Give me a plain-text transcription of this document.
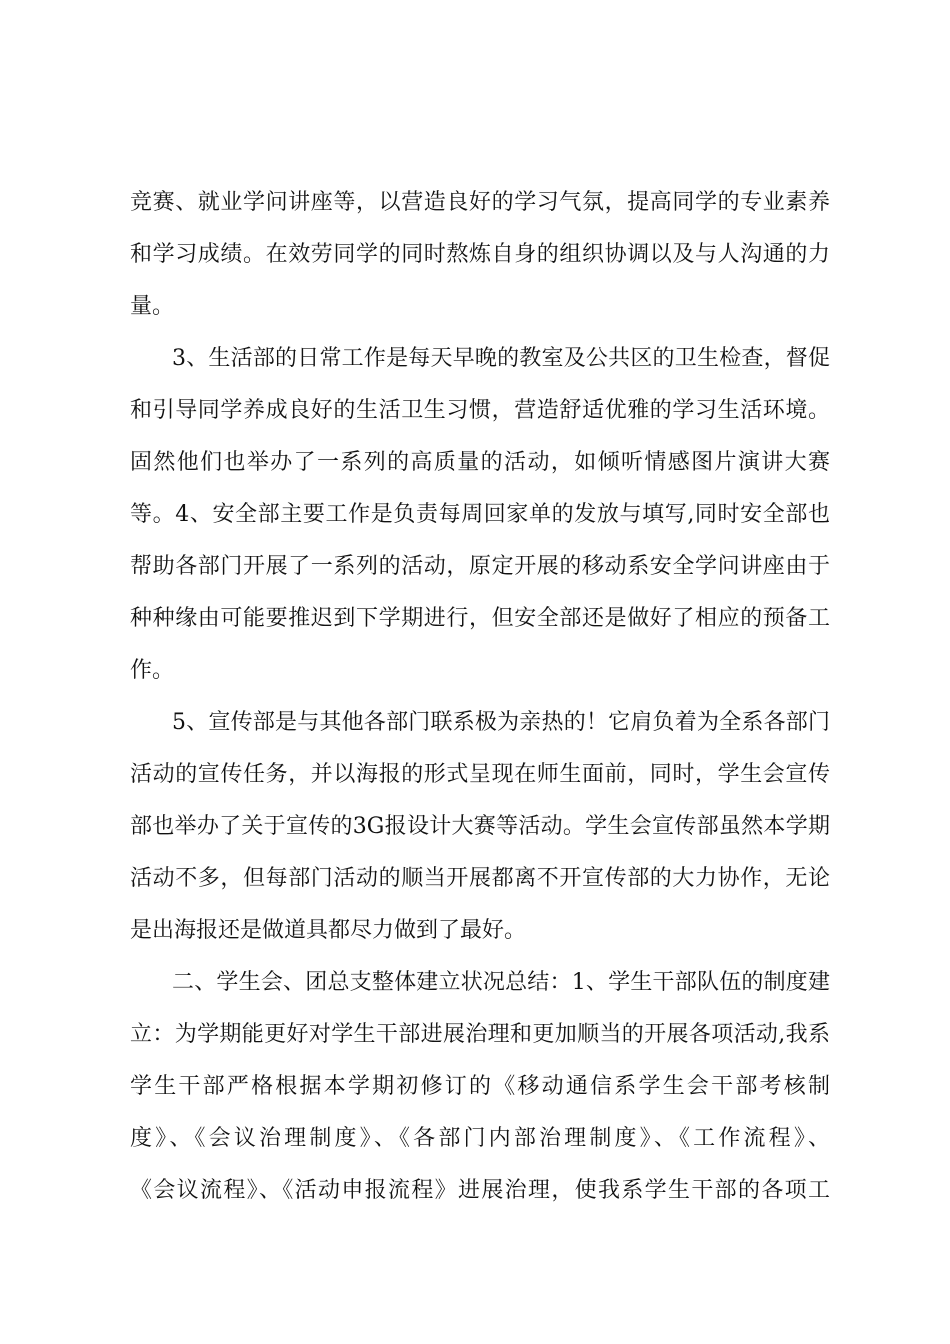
竞赛、就业学问讲座等，以营造良好的学习气氛，提高同学的专业素养
和学习成绩。在效劳同学的同时熬炼自身的组织协调以及与人沟通的力
量。
3、生活部的日常工作是每天早晚的教室及公共区的卫生检查，督促
和引导同学养成良好的生活卫生习惯，营造舒适优雅的学习生活环境。
固然他们也举办了一系列的高质量的活动，如倾听情感图片演讲大赛
等。4、安全部主要工作是负责每周回家单的发放与填写,同时安全部也
帮助各部门开展了一系列的活动，原定开展的移动系安全学问讲座由于
种种缘由可能要推迟到下学期进行，但安全部还是做好了相应的预备工
作。
5、宣传部是与其他各部门联系极为亲热的！它肩负着为全系各部门
活动的宣传任务，并以海报的形式呈现在师生面前，同时，学生会宣传
部也举办了关于宣传的3G报设计大赛等活动。学生会宣传部虽然本学期
活动不多，但每部门活动的顺当开展都离不开宣传部的大力协作，无论
是出海报还是做道具都尽力做到了最好。
二、学生会、团总支整体建立状况总结：1、学生干部队伍的制度建
立：为学期能更好对学生干部进展治理和更加顺当的开展各项活动,我系
学生干部严格根据本学期初修订的《移动通信系学生会干部考核制
度》、《会议治理制度》、《各部门内部治理制度》、《工作流程》、
《会议流程》、《活动申报流程》进展治理，使我系学生干部的各项工
